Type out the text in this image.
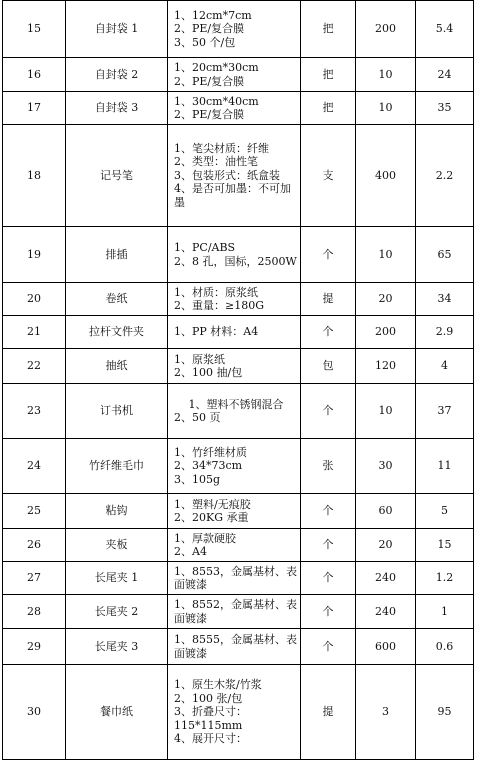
15	自封袋 1	1、12cm*7cm
2、PE/复合膜
3、50 个/包	把	200	5.4
16	自封袋 2	1、20cm*30cm
2、PE/复合膜	把	10	24
17	自封袋 3	1、30cm*40cm
2、PE/复合膜	把	10	35
18	记号笔	1、笔尖材质：纤维
2、类型：油性笔
3、包装形式：纸盒装
4、是否可加墨：不可加墨	支	400	2.2
19	排插	1、PC/ABS
2、8 孔，国标，2500W	个	10	65
20	卷纸	1、材质：原浆纸
2、重量：≥180G	提	20	34
21	拉杆文件夹	1、PP 材料：A4	个	200	2.9
22	抽纸	1、原浆纸
2、100 抽/包	包	120	4
23	订书机	1、塑料不锈钢混合
2、50 页	个	10	37
24	竹纤维毛巾	1、竹纤维材质
2、34*73cm
3、105g	张	30	11
25	粘钩	1、塑料/无痕胶
2、20KG 承重	个	60	5
26	夹板	1、厚款硬胶
2、A4	个	20	15
27	长尾夹 1	1、8553，金属基材、表面镀漆	个	240	1.2
28	长尾夹 2	1、8552，金属基材、表面镀漆	个	240	1
29	长尾夹 3	1、8555，金属基材、表面镀漆	个	600	0.6
30	餐巾纸	1、原生木浆/竹浆
2、100 张/包
3、折叠尺寸：115*115mm
4、展开尺寸：	提	3	95
